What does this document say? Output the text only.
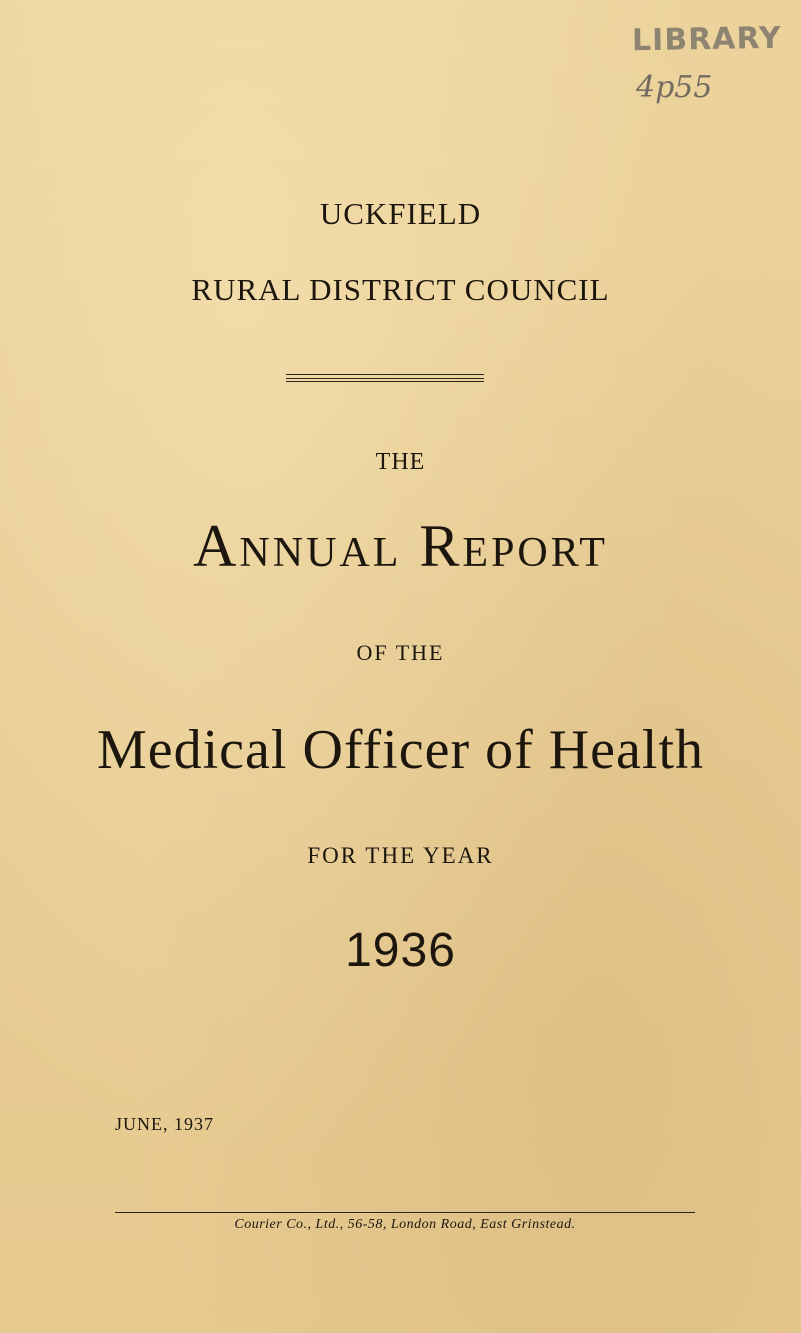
LIBRARY
4p55
UCKFIELD
RURAL DISTRICT COUNCIL
THE
Annual Report
OF THE
Medical Officer of Health
FOR THE YEAR
1936
JUNE, 1937
Courier Co., Ltd., 56-58, London Road, East Grinstead.
